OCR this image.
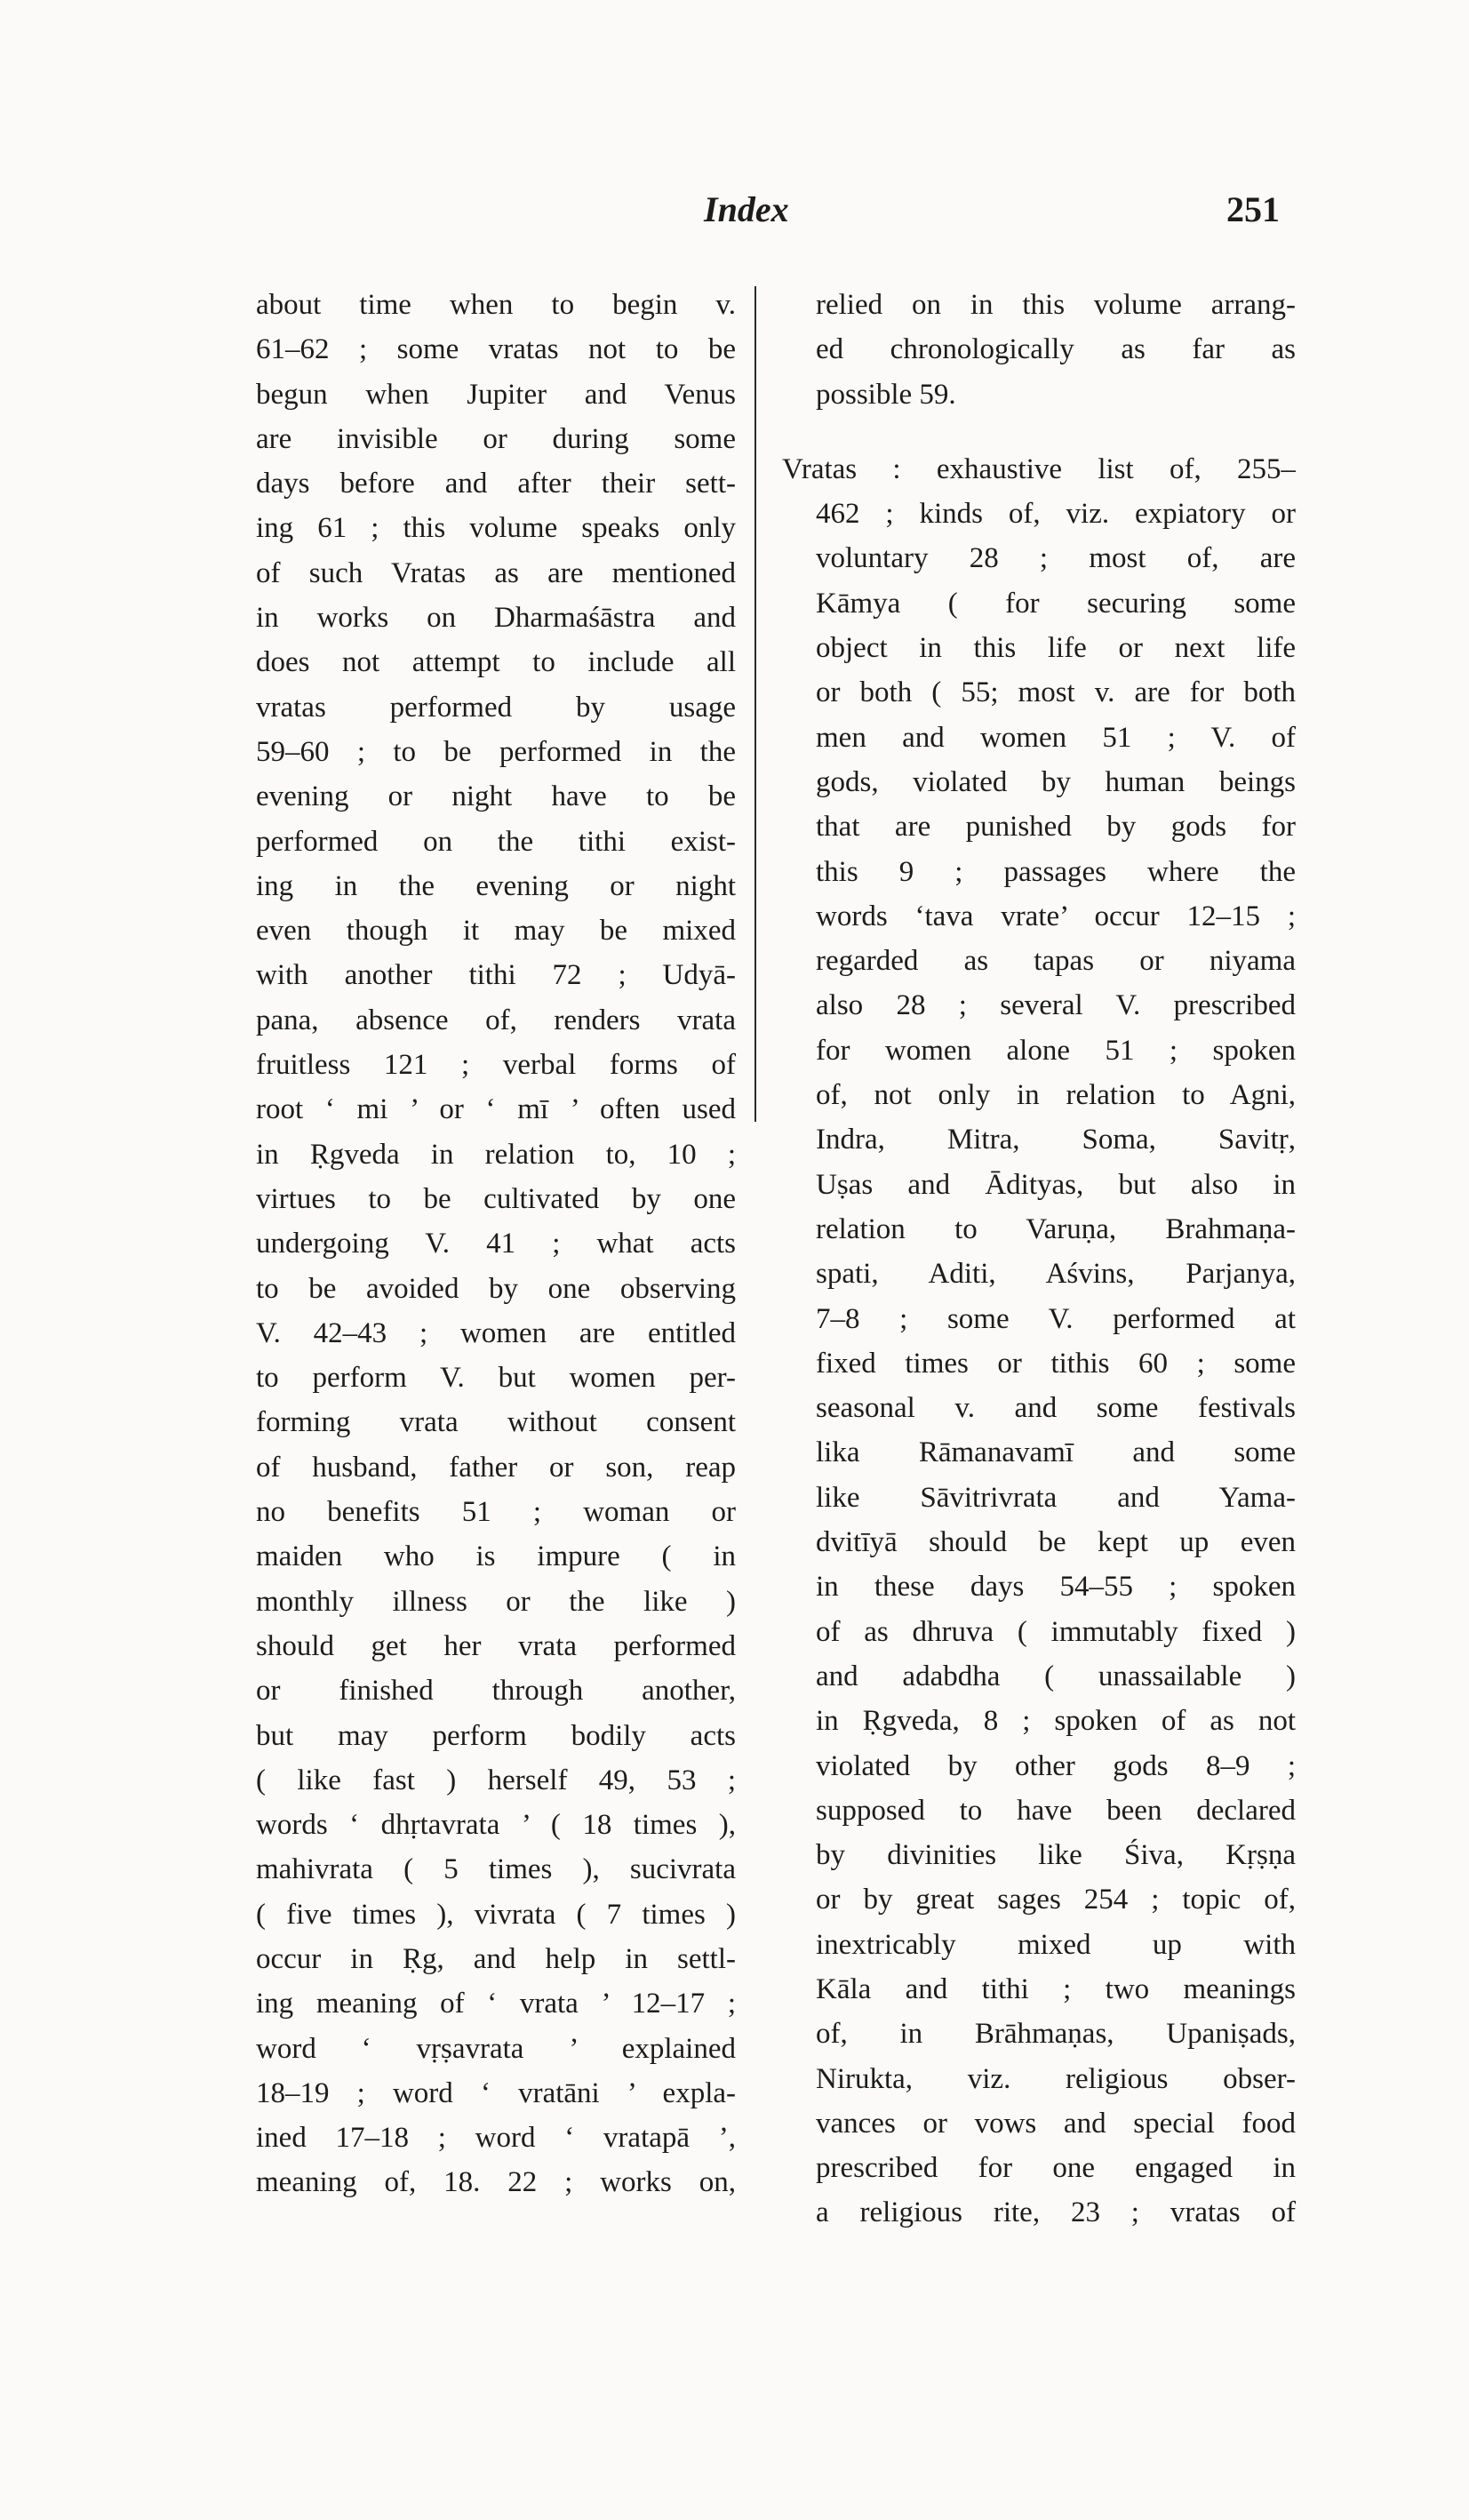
Index	251
about time when to begin v.
61–62 ; some vratas not to be
begun when Jupiter and Venus
are invisible or during some
days before and after their sett-
ing 61 ; this volume speaks only
of such Vratas as are mentioned
in works on Dharmaśāstra and
does not attempt to include all
vratas performed by usage
59–60 ; to be performed in the
evening or night have to be
performed on the tithi exist-
ing in the evening or night
even though it may be mixed
with another tithi 72 ; Udyā-
pana, absence of, renders vrata
fruitless 121 ; verbal forms of
root ‘ mi ’ or ‘ mī ’ often used
in Ṛgveda in relation to, 10 ;
virtues to be cultivated by one
undergoing V. 41 ; what acts
to be avoided by one observing
V. 42–43 ; women are entitled
to perform V. but women per-
forming vrata without consent
of husband, father or son, reap
no benefits 51 ; woman or
maiden who is impure ( in
monthly illness or the like )
should get her vrata performed
or finished through another,
but may perform bodily acts
( like fast ) herself 49, 53 ;
words ‘ dhṛtavrata ’ ( 18 times ),
mahivrata ( 5 times ), sucivrata
( five times ), vivrata ( 7 times )
occur in Ṛg, and help in settl-
ing meaning of ‘ vrata ’ 12–17 ;
word ‘ vṛṣavrata ’ explained
18–19 ; word ‘ vratāni ’ expla-
ined 17–18 ; word ‘ vratapā ’,
meaning of, 18. 22 ; works on,
relied on in this volume arrang-
ed chronologically as far as
possible 59.
Vratas : exhaustive list of, 255–
462 ; kinds of, viz. expiatory or
voluntary 28 ; most of, are
Kāmya ( for securing some
object in this life or next life
or both ( 55; most v. are for both
men and women 51 ; V. of
gods, violated by human beings
that are punished by gods for
this 9 ; passages where the
words ‘tava vrate’ occur 12–15 ;
regarded as tapas or niyama
also 28 ; several V. prescribed
for women alone 51 ; spoken
of, not only in relation to Agni,
Indra, Mitra, Soma, Savitṛ,
Uṣas and Ādityas, but also in
relation to Varuṇa, Brahmaṇa-
spati, Aditi, Aśvins, Parjanya,
7–8 ; some V. performed at
fixed times or tithis 60 ; some
seasonal v. and some festivals
lika Rāmanavamī and some
like Sāvitrivrata and Yama-
dvitīyā should be kept up even
in these days 54–55 ; spoken
of as dhruva ( immutably fixed )
and adabdha ( unassailable )
in Ṛgveda, 8 ; spoken of as not
violated by other gods 8–9 ;
supposed to have been declared
by divinities like Śiva, Kṛṣṇa
or by great sages 254 ; topic of,
inextricably mixed up with
Kāla and tithi ; two meanings
of, in Brāhmaṇas, Upaniṣads,
Nirukta, viz. religious obser-
vances or vows and special food
prescribed for one engaged in
a religious rite, 23 ; vratas of
